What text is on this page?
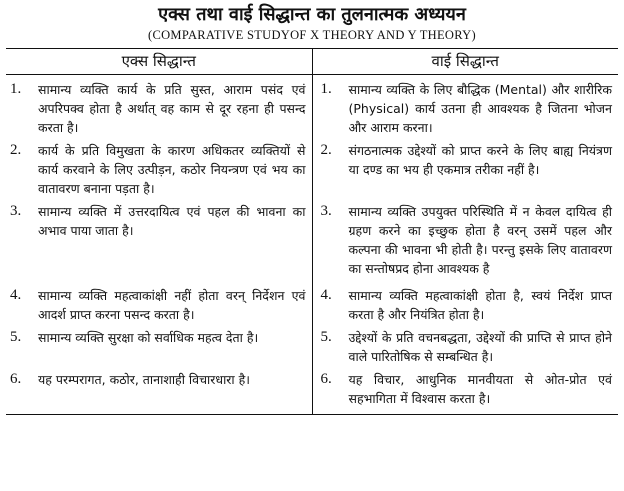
एक्स तथा वाई सिद्धान्त का तुलनात्मक अध्ययन

(COMPARATIVE STUDYOF X THEORY AND Y THEORY)

एक्स सिद्धान्त	वाई सिद्धान्त

1. सामान्य व्यक्ति कार्य के प्रति सुस्त, आराम पसंद एवं अपरिपक्व होता है अर्थात् वह काम से दूर रहना ही पसन्द करता है।	1. सामान्य व्यक्ति के लिए बौद्धिक (Mental) और शारीरिक (Physical) कार्य उतना ही आवश्यक है जितना भोजन और आराम करना।

2. कार्य के प्रति विमुखता के कारण अधिकतर व्यक्तियों से कार्य करवाने के लिए उत्पीड़न, कठोर नियन्त्रण एवं भय का वातावरण बनाना पड़ता है।	2. संगठनात्मक उद्देश्यों को प्राप्त करने के लिए बाह्य नियंत्रण या दण्ड का भय ही एकमात्र तरीका नहीं है।

3. सामान्य व्यक्ति में उत्तरदायित्व एवं पहल की भावना का अभाव पाया जाता है।	3. सामान्य व्यक्ति उपयुक्त परिस्थिति में न केवल दायित्व ही ग्रहण करने का इच्छुक होता है वरन् उसमें पहल और कल्पना की भावना भी होती है। परन्तु इसके लिए वातावरण का सन्तोषप्रद होना आवश्यक है

4. सामान्य व्यक्ति महत्वाकांक्षी नहीं होता वरन् निर्देशन एवं आदर्श प्राप्त करना पसन्द करता है।	4. सामान्य व्यक्ति महत्वाकांक्षी होता है, स्वयं निर्देश प्राप्त करता है और नियंत्रित होता है।

5. सामान्य व्यक्ति सुरक्षा को सर्वाधिक महत्व देता है।	5. उद्देश्यों के प्रति वचनबद्धता, उद्देश्यों की प्राप्ति से प्राप्त होने वाले पारितोषिक से सम्बन्धित है।

6. यह परम्परागत, कठोर, तानाशाही विचारधारा है।	6. यह विचार, आधुनिक मानवीयता से ओत-प्रोत एवं सहभागिता में विश्वास करता है।
